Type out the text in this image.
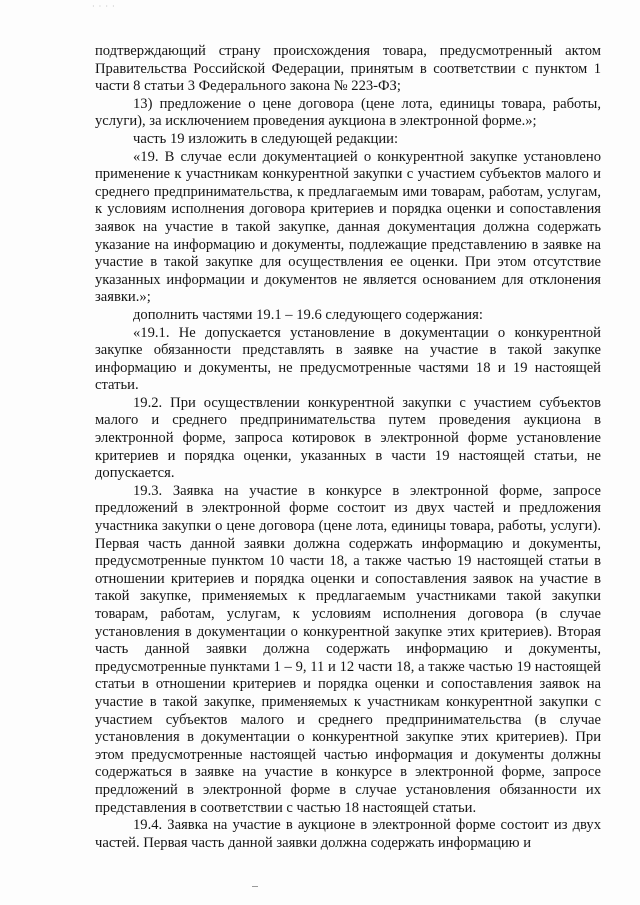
· · · ·

подтверждающий страну происхождения товара, предусмотренный актом Правительства Российской Федерации, принятым в соответствии с пунктом 1 части 8 статьи 3 Федерального закона № 223-ФЗ;

13) предложение о цене договора (цене лота, единицы товара, работы, услуги), за исключением проведения аукциона в электронной форме.»;

часть 19 изложить в следующей редакции:

«19. В случае если документацией о конкурентной закупке установлено применение к участникам конкурентной закупки с участием субъектов малого и среднего предпринимательства, к предлагаемым ими товарам, работам, услугам, к условиям исполнения договора критериев и порядка оценки и сопоставления заявок на участие в такой закупке, данная документация должна содержать указание на информацию и документы, подлежащие представлению в заявке на участие в такой закупке для осуществления ее оценки. При этом отсутствие указанных информации и документов не является основанием для отклонения заявки.»;

дополнить частями 19.1 – 19.6 следующего содержания:

«19.1. Не допускается установление в документации о конкурентной закупке обязанности представлять в заявке на участие в такой закупке информацию и документы, не предусмотренные частями 18 и 19 настоящей статьи.

19.2. При осуществлении конкурентной закупки с участием субъектов малого и среднего предпринимательства путем проведения аукциона в электронной форме, запроса котировок в электронной форме установление критериев и порядка оценки, указанных в части 19 настоящей статьи, не допускается.

19.3. Заявка на участие в конкурсе в электронной форме, запросе предложений в электронной форме состоит из двух частей и предложения участника закупки о цене договора (цене лота, единицы товара, работы, услуги). Первая часть данной заявки должна содержать информацию и документы, предусмотренные пунктом 10 части 18, а также частью 19 настоящей статьи в отношении критериев и порядка оценки и сопоставления заявок на участие в такой закупке, применяемых к предлагаемым участниками такой закупки товарам, работам, услугам, к условиям исполнения договора (в случае установления в документации о конкурентной закупке этих критериев). Вторая часть данной заявки должна содержать информацию и документы, предусмотренные пунктами 1 – 9, 11 и 12 части 18, а также частью 19 настоящей статьи в отношении критериев и порядка оценки и сопоставления заявок на участие в такой закупке, применяемых к участникам конкурентной закупки с участием субъектов малого и среднего предпринимательства (в случае установления в документации о конкурентной закупке этих критериев). При этом предусмотренные настоящей частью информация и документы должны содержаться в заявке на участие в конкурсе в электронной форме, запросе предложений в электронной форме в случае установления обязанности их представления в соответствии с частью 18 настоящей статьи.

19.4. Заявка на участие в аукционе в электронной форме состоит из двух частей. Первая часть данной заявки должна содержать информацию и
